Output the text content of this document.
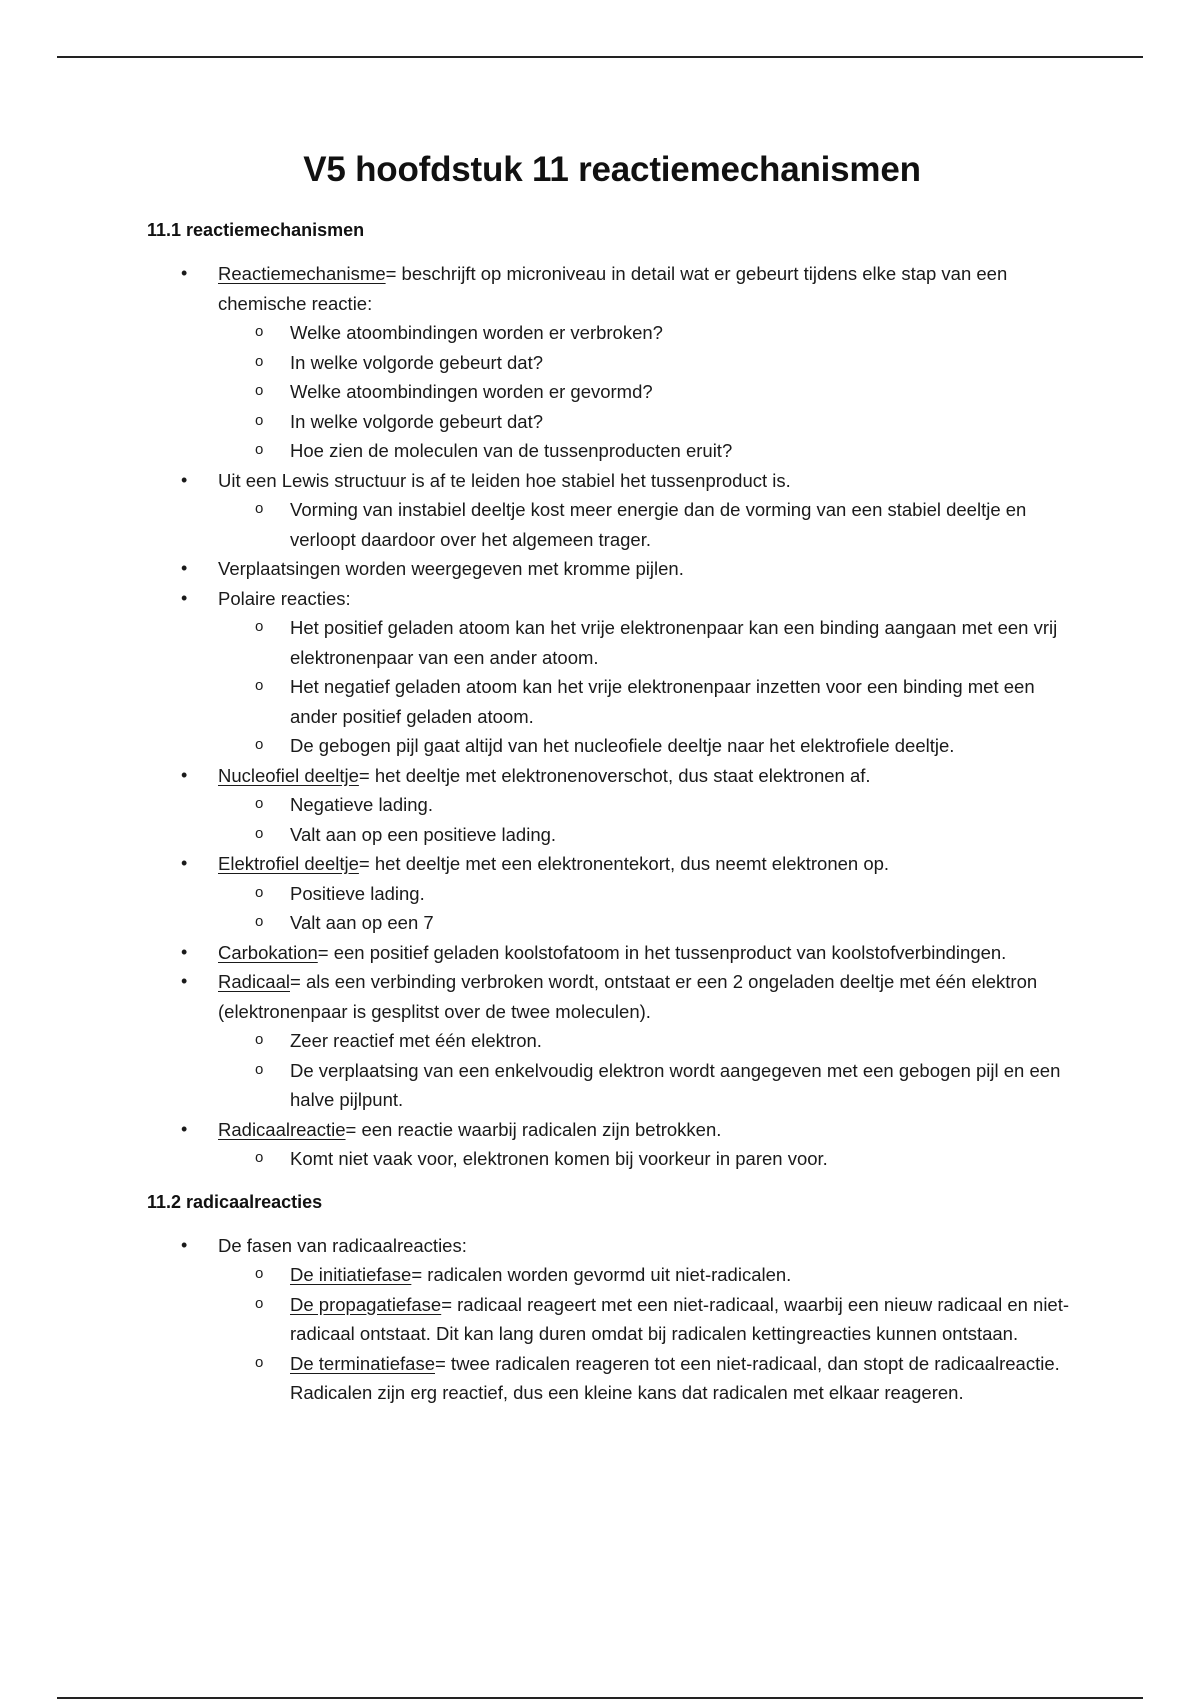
V5 hoofdstuk 11 reactiemechanismen
11.1 reactiemechanismen
• Reactiemechanisme= beschrijft op microniveau in detail wat er gebeurt tijdens elke stap van een chemische reactie:
o Welke atoombindingen worden er verbroken?
o In welke volgorde gebeurt dat?
o Welke atoombindingen worden er gevormd?
o In welke volgorde gebeurt dat?
o Hoe zien de moleculen van de tussenproducten eruit?
• Uit een Lewis structuur is af te leiden hoe stabiel het tussenproduct is.
o Vorming van instabiel deeltje kost meer energie dan de vorming van een stabiel deeltje en verloopt daardoor over het algemeen trager.
• Verplaatsingen worden weergegeven met kromme pijlen.
• Polaire reacties:
o Het positief geladen atoom kan het vrije elektronenpaar kan een binding aangaan met een vrij elektronenpaar van een ander atoom.
o Het negatief geladen atoom kan het vrije elektronenpaar inzetten voor een binding met een ander positief geladen atoom.
o De gebogen pijl gaat altijd van het nucleofiele deeltje naar het elektrofiele deeltje.
• Nucleofiel deeltje= het deeltje met elektronenoverschot, dus staat elektronen af.
o Negatieve lading.
o Valt aan op een positieve lading.
• Elektrofiel deeltje= het deeltje met een elektronentekort, dus neemt elektronen op.
o Positieve lading.
o Valt aan op een 7
• Carbokation= een positief geladen koolstofatoom in het tussenproduct van koolstofverbindingen.
• Radicaal= als een verbinding verbroken wordt, ontstaat er een 2 ongeladen deeltje met één elektron (elektronenpaar is gesplitst over de twee moleculen).
o Zeer reactief met één elektron.
o De verplaatsing van een enkelvoudig elektron wordt aangegeven met een gebogen pijl en een halve pijlpunt.
• Radicaalreactie= een reactie waarbij radicalen zijn betrokken.
o Komt niet vaak voor, elektronen komen bij voorkeur in paren voor.
11.2 radicaalreacties
• De fasen van radicaalreacties:
o De initiatiefase= radicalen worden gevormd uit niet-radicalen.
o De propagatiefase= radicaal reageert met een niet-radicaal, waarbij een nieuw radicaal en niet-radicaal ontstaat. Dit kan lang duren omdat bij radicalen kettingreacties kunnen ontstaan.
o De terminatiefase= twee radicalen reageren tot een niet-radicaal, dan stopt de radicaalreactie. Radicalen zijn erg reactief, dus een kleine kans dat radicalen met elkaar reageren.
